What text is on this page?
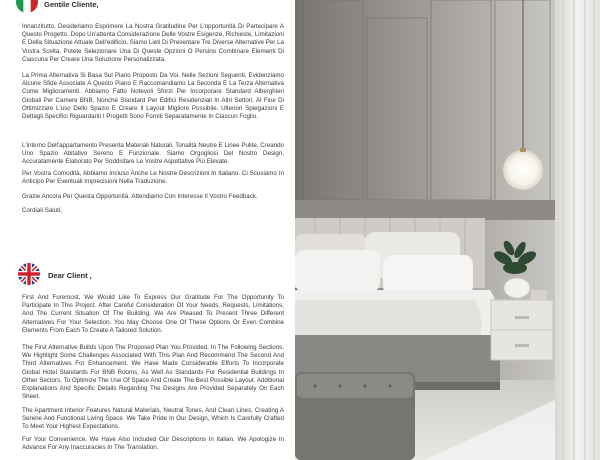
Gentile Cliente,

Innanzitutto, Desideriamo Esprimere La Nostra Gratitudine Per L'opportunità Di Partecipare A Questo Progetto. Dopo Un'attenta Considerazione Delle Vostre Esigenze, Richieste, Limitazioni E Della Situazione Attuale Dell'edificio, Siamo Lieti Di Presentare Tre Diverse Alternative Per La Vostra Scelta. Potete Selezionare Una Di Queste Opzioni O Persino Combinare Elementi Di Ciascuna Per Creare Una Soluzione Personalizzata.

La Prima Alternativa Si Basa Sul Piano Proposto Da Voi. Nelle Sezioni Seguenti, Evidenziamo Alcune Sfide Associate A Questo Piano E Raccomandiamo La Seconda E La Terza Alternativa Come Miglioramenti. Abbiamo Fatto Notevoli Sforzi Per Incorporare Standard Alberghieri Globali Per Camere BNB, Nonché Standard Per Edifici Residenziali In Altri Settori, Al Fine Di Ottimizzare L'uso Dello Spazio E Creare Il Layout Migliore Possibile. Ulteriori Spiegazioni E Dettagli Specifici Riguardanti I Progetti Sono Forniti Separatamente In Ciascun Foglio.

L'interno Dell'appartamento Presenta Materiali Naturali, Tonalità Neutre E Linee Pulite, Creando Uno Spazio Abitativo Sereno E Funzionale. Siamo Orgogliosi Del Nostro Design, Accuratamente Elaborato Per Soddisfare Le Vostre Aspettative Più Elevate.

Per Vostra Comodità, Abbiamo Incluso Anche Le Nostre Descrizioni In Italiano. Ci Scusiamo In Anticipo Per Eventuali Imprecisioni Nella Traduzione.

Grazie Ancora Per Questa Opportunità. Attendiamo Con Interesse Il Vostro Feedback.

Cordiali Saluti,

Dear Client ,

First And Foremost, We Would Like To Express Our Gratitude For The Opportunity To Participate In This Project. After Careful Consideration Of Your Needs, Requests, Limitations, And The Current Situation Of The Building, We Are Pleased To Present Three Different Alternatives For Your Selection. You May Choose One Of These Options Or Even Combine Elements From Each To Create A Tailored Solution.

The First Alternative Builds Upon The Proposed Plan You Provided. In The Following Sections, We Highlight Some Challenges Associated With This Plan And Recommend The Second And Third Alternatives For Enhancement. We Have Made Considerable Efforts To Incorporate Global Hotel Standards For BNB Rooms, As Well As Standards For Residential Buildings In Other Sectors, To Optimize The Use Of Space And Create The Best Possible Layout. Additional Explanations And Specific Details Regarding The Designs Are Provided Separately On Each Sheet.

The Apartment Interior Features Natural Materials, Neutral Tones, And Clean Lines, Creating A Serene And Functional Living Space. We Take Pride In Our Design, Which Is Carefully Crafted To Meet Your Highest Expectations.

For Your Convenience, We Have Also Included Our Descriptions In Italian. We Apologize In Advance For Any Inaccuracies In The Translation.
